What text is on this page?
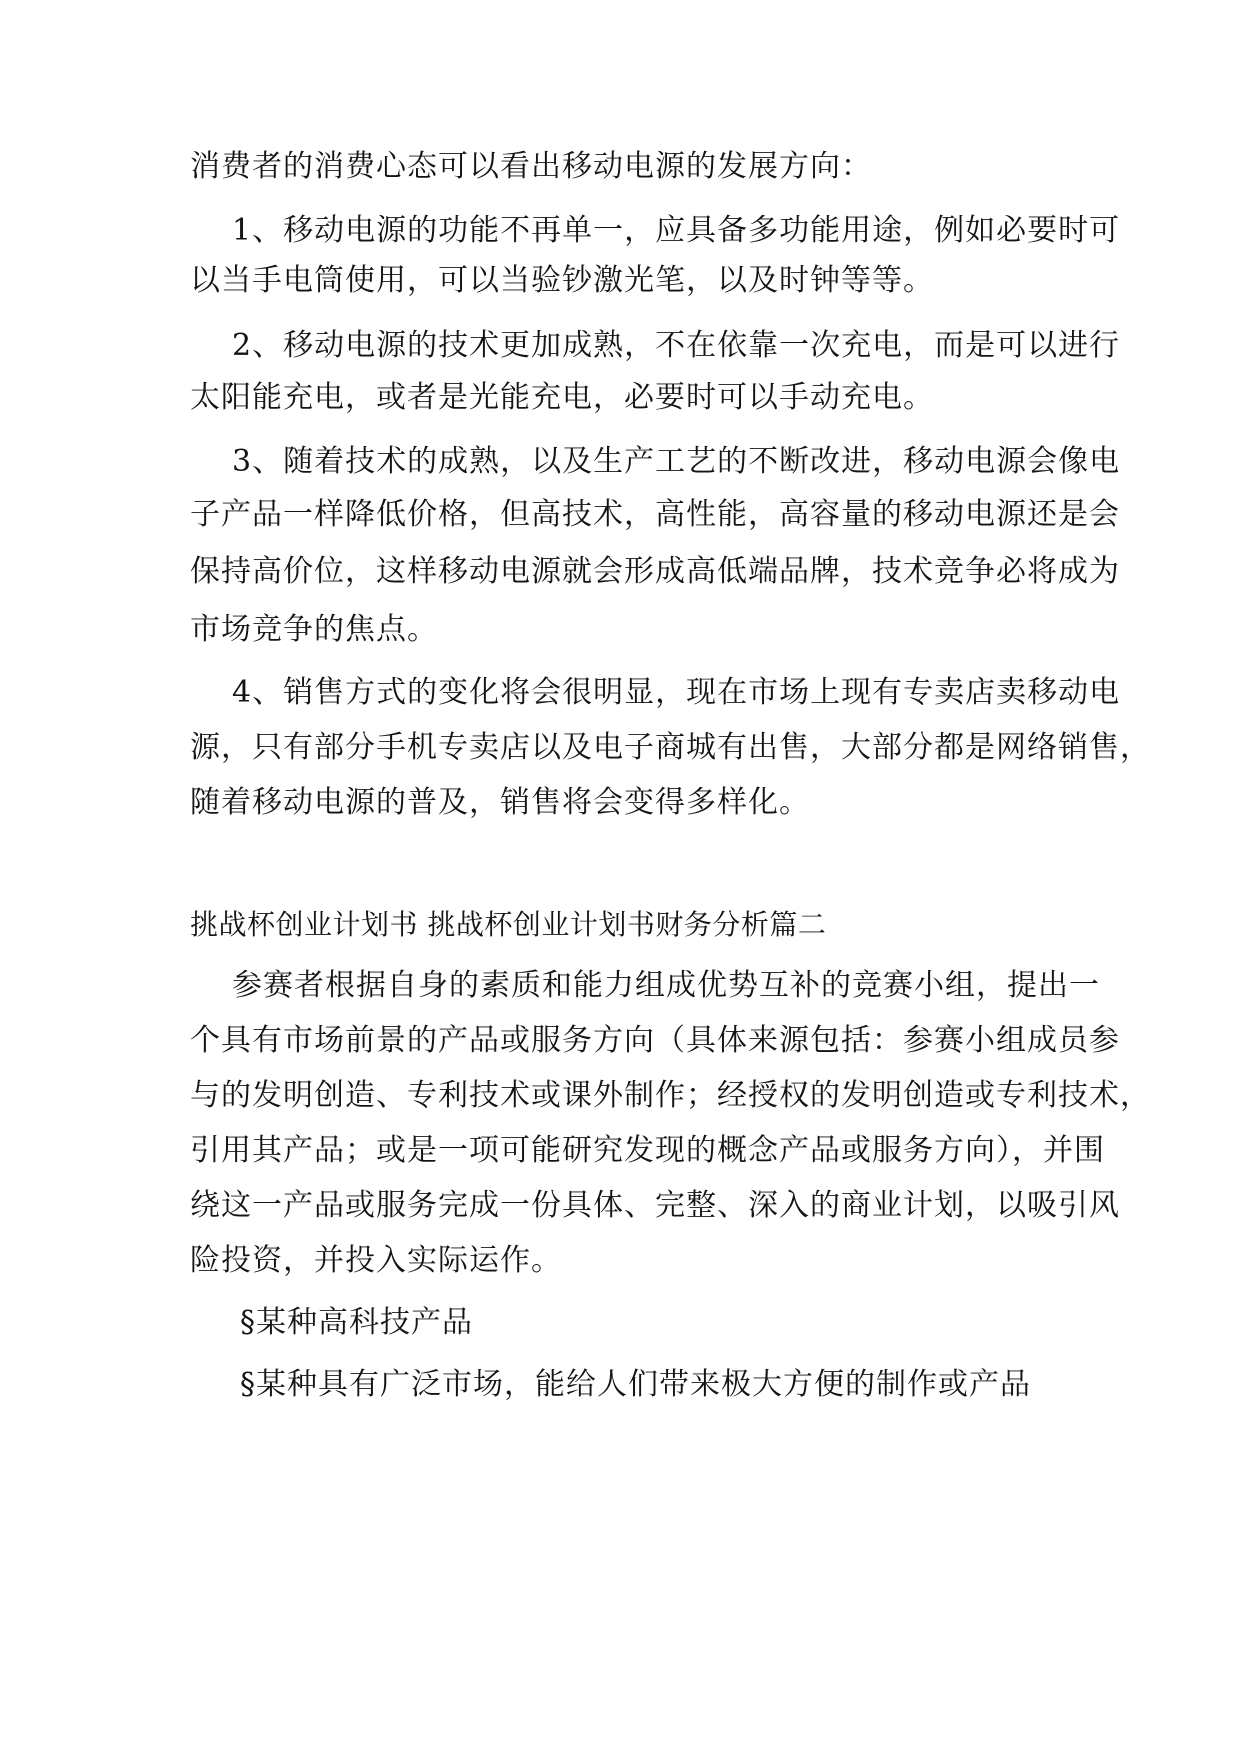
消费者的消费心态可以看出移动电源的发展方向：
1、移动电源的功能不再单一，应具备多功能用途，例如必要时可
以当手电筒使用，可以当验钞激光笔，以及时钟等等。
2、移动电源的技术更加成熟，不在依靠一次充电，而是可以进行
太阳能充电，或者是光能充电，必要时可以手动充电。
3、随着技术的成熟，以及生产工艺的不断改进，移动电源会像电
子产品一样降低价格，但高技术，高性能，高容量的移动电源还是会
保持高价位，这样移动电源就会形成高低端品牌，技术竞争必将成为
市场竞争的焦点。
4、销售方式的变化将会很明显，现在市场上现有专卖店卖移动电
源，只有部分手机专卖店以及电子商城有出售，大部分都是网络销售，
随着移动电源的普及，销售将会变得多样化。
挑战杯创业计划书 挑战杯创业计划书财务分析篇二
参赛者根据自身的素质和能力组成优势互补的竞赛小组，提出一
个具有市场前景的产品或服务方向（具体来源包括：参赛小组成员参
与的发明创造、专利技术或课外制作；经授权的发明创造或专利技术，
引用其产品；或是一项可能研究发现的概念产品或服务方向），并围
绕这一产品或服务完成一份具体、完整、深入的商业计划，以吸引风
险投资，并投入实际运作。
§某种高科技产品
§某种具有广泛市场，能给人们带来极大方便的制作或产品
